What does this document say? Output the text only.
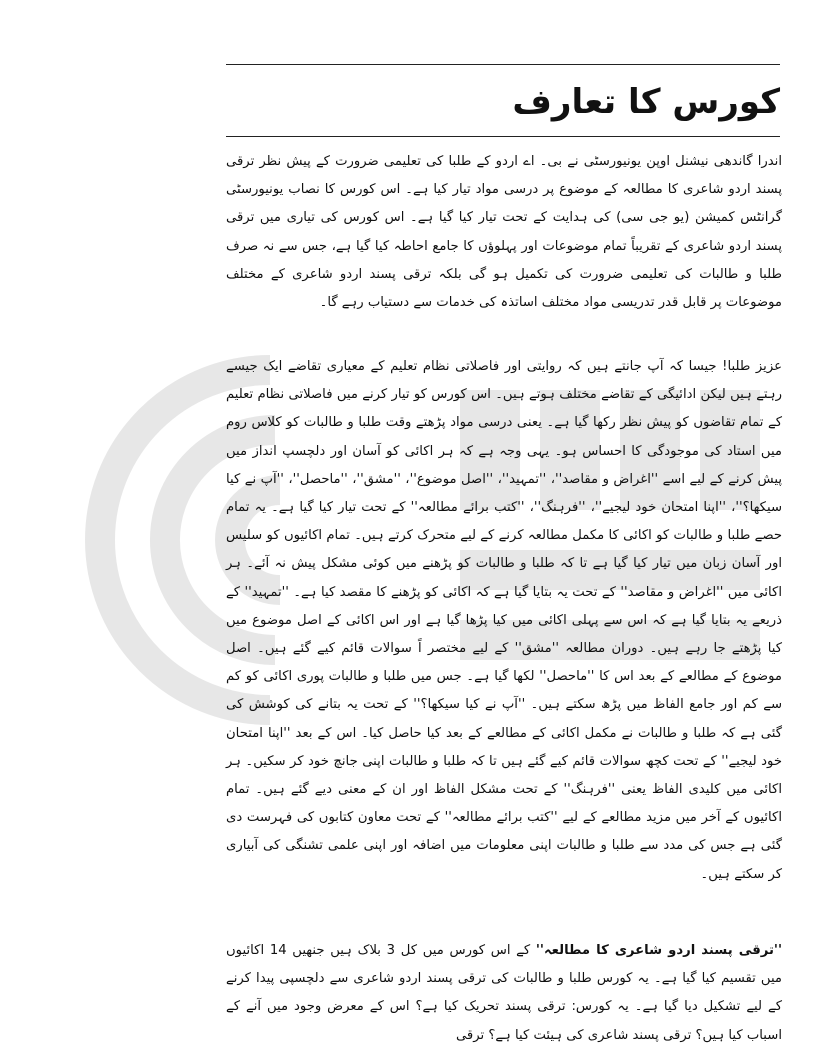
کورس کا تعارف
اندرا گاندھی نیشنل اوپن یونیورسٹی نے بی۔ اے اردو کے طلبا کی تعلیمی ضرورت کے پیش نظر ترقی پسند اردو شاعری کا مطالعہ کے موضوع پر درسی مواد تیار کیا ہے۔ اس کورس کا نصاب یونیورسٹی گرانٹس کمیشن (یو جی سی) کی ہدایت کے تحت تیار کیا گیا ہے۔ اس کورس کی تیاری میں ترقی پسند اردو شاعری کے تقریباً تمام موضوعات اور پہلوؤں کا جامع احاطہ کیا گیا ہے، جس سے نہ صرف طلبا و طالبات کی تعلیمی ضرورت کی تکمیل ہو گی بلکہ ترقی پسند اردو شاعری کے مختلف موضوعات پر قابل قدر تدریسی مواد مختلف اساتذہ کی خدمات سے دستیاب رہے گا۔
عزیز طلبا! جیسا کہ آپ جانتے ہیں کہ روایتی اور فاصلاتی نظام تعلیم کے معیاری تقاضے ایک جیسے رہتے ہیں لیکن ادائیگی کے تقاضے مختلف ہوتے ہیں۔ اس کورس کو تیار کرنے میں فاصلاتی نظام تعلیم کے تمام تقاضوں کو پیش نظر رکھا گیا ہے۔ یعنی درسی مواد پڑھتے وقت طلبا و طالبات کو کلاس روم میں استاد کی موجودگی کا احساس ہو۔ یہی وجہ ہے کہ ہر اکائی کو آسان اور دلچسپ انداز میں پیش کرنے کے لیے اسے ''اغراض و مقاصد''، ''تمہید''، ''اصل موضوع''، ''مشق''، ''ماحصل''، ''آپ نے کیا سیکھا؟''، ''اپنا امتحان خود لیجیے''، ''فرہنگ''، ''کتب برائے مطالعہ'' کے تحت تیار کیا گیا ہے۔ یہ تمام حصے طلبا و طالبات کو اکائی کا مکمل مطالعہ کرنے کے لیے متحرک کرتے ہیں۔ تمام اکائیوں کو سلیس اور آسان زبان میں تیار کیا گیا ہے تا کہ طلبا و طالبات کو پڑھنے میں کوئی مشکل پیش نہ آئے۔ ہر اکائی میں ''اغراض و مقاصد'' کے تحت یہ بتایا گیا ہے کہ اکائی کو پڑھنے کا مقصد کیا ہے۔ ''تمہید'' کے ذریعے یہ بتایا گیا ہے کہ اس سے پہلی اکائی میں کیا پڑھا گیا ہے اور اس اکائی کے اصل موضوع میں کیا پڑھتے جا رہے ہیں۔ دوران مطالعہ ''مشق'' کے لیے مختصر اً سوالات قائم کیے گئے ہیں۔ اصل موضوع کے مطالعے کے بعد اس کا ''ماحصل'' لکھا گیا ہے۔ جس میں طلبا و طالبات پوری اکائی کو کم سے کم اور جامع الفاظ میں پڑھ سکتے ہیں۔ ''آپ نے کیا سیکھا؟'' کے تحت یہ بتانے کی کوشش کی گئی ہے کہ طلبا و طالبات نے مکمل اکائی کے مطالعے کے بعد کیا حاصل کیا۔ اس کے بعد ''اپنا امتحان خود لیجیے'' کے تحت کچھ سوالات قائم کیے گئے ہیں تا کہ طلبا و طالبات اپنی جانچ خود کر سکیں۔ ہر اکائی میں کلیدی الفاظ یعنی ''فرہنگ'' کے تحت مشکل الفاظ اور ان کے معنی دیے گئے ہیں۔ تمام اکائیوں کے آخر میں مزید مطالعے کے لیے ''کتب برائے مطالعہ'' کے تحت معاون کتابوں کی فہرست دی گئی ہے جس کی مدد سے طلبا و طالبات اپنی معلومات میں اضافہ اور اپنی علمی تشنگی کی آبیاری کر سکتے ہیں۔
''ترقی پسند اردو شاعری کا مطالعہ'' کے اس کورس میں کل 3 بلاک ہیں جنھیں 14 اکائیوں میں تقسیم کیا گیا ہے۔ یہ کورس طلبا و طالبات کی ترقی پسند اردو شاعری سے دلچسپی پیدا کرنے کے لیے تشکیل دیا گیا ہے۔ یہ کورس: ترقی پسند تحریک کیا ہے؟ اس کے معرض وجود میں آنے کے اسباب کیا ہیں؟ ترقی پسند شاعری کی ہیئت کیا ہے؟ ترقی
